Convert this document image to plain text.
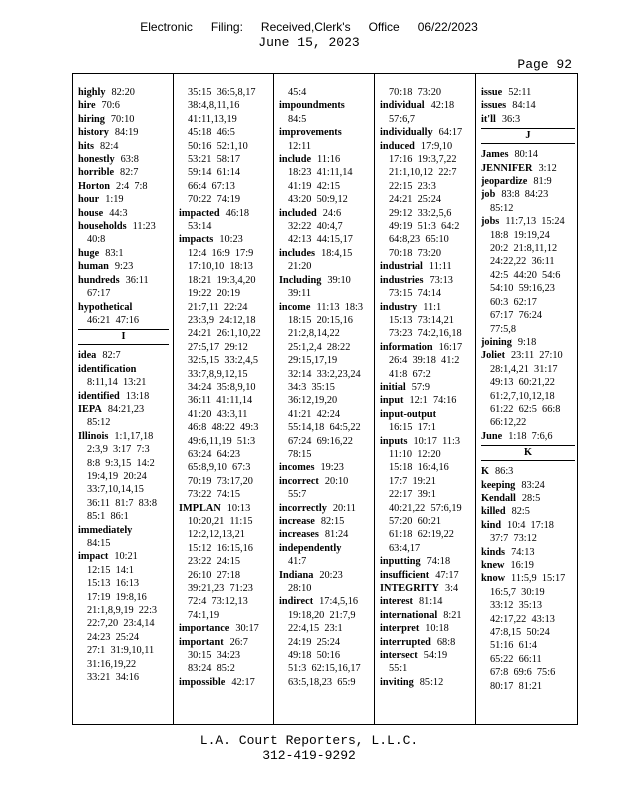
Electronic Filing: Received,Clerk's Office 06/22/2023
June 15, 2023
Page 92
highly 82:20
hire 70:6
hiring 70:10
history 84:19
hits 82:4
honestly 63:8
horrible 82:7
Horton 2:4  7:8
hour 1:19
house 44:3
households 11:23
40:8
huge 83:1
human 9:23
hundreds 36:11
67:17
hypothetical
46:21  47:16
I
idea 82:7
identification
8:11,14  13:21
identified 13:18
IEPA 84:21,23
85:12
Illinois 1:1,17,18
2:3,9  3:17  7:3
8:8  9:3,15  14:2
19:4,19  20:24
33:7,10,14,15
36:11  81:7  83:8
85:1  86:1
immediately
84:15
impact 10:21
12:15  14:1
15:13  16:13
17:19  19:8,16
21:1,8,9,19  22:3
22:7,20  23:4,14
24:23  25:24
27:1  31:9,10,11
31:16,19,22
33:21  34:16
35:15  36:5,8,17
38:4,8,11,16
41:11,13,19
45:18  46:5
50:16  52:1,10
53:21  58:17
59:14  61:14
66:4  67:13
70:22  74:19
impacted 46:18
53:14
impacts 10:23
12:4  16:9  17:9
17:10,10  18:13
18:21  19:3,4,20
19:22  20:19
21:7,11  22:24
23:3,9  24:12,18
24:21  26:1,10,22
27:5,17  29:12
32:5,15  33:2,4,5
33:7,8,9,12,15
34:24  35:8,9,10
36:11  41:11,14
41:20  43:3,11
46:8  48:22  49:3
49:6,11,19  51:3
63:24  64:23
65:8,9,10  67:3
70:19  73:17,20
73:22  74:15
IMPLAN 10:13
10:20,21  11:15
12:2,12,13,21
15:12  16:15,16
23:22  24:15
26:10  27:18
39:21,23  71:23
72:4  73:12,13
74:1,19
importance 30:17
important 26:7
30:15  34:23
83:24  85:2
impossible 42:17
45:4
impoundments
84:5
improvements
12:11
include 11:16
18:23  41:11,14
41:19  42:15
43:20  50:9,12
included 24:6
32:22  40:4,7
42:13  44:15,17
includes 18:4,15
21:20
Including 39:10
39:11
income 11:13  18:3
18:15  20:15,16
21:2,8,14,22
25:1,2,4  28:22
29:15,17,19
32:14  33:2,23,24
34:3  35:15
36:12,19,20
41:21  42:24
55:14,18  64:5,22
67:24  69:16,22
78:15
incomes 19:23
incorrect 20:10
55:7
incorrectly 20:11
increase 82:15
increases 81:24
independently
41:7
Indiana 20:23
28:10
indirect 17:4,5,16
19:18,20  21:7,9
22:4,15  23:1
24:19  25:24
49:18  50:16
51:3  62:15,16,17
63:5,18,23  65:9
70:18  73:20
individual 42:18
57:6,7
individually 64:17
induced 17:9,10
17:16  19:3,7,22
21:1,10,12  22:7
22:15  23:3
24:21  25:24
29:12  33:2,5,6
49:19  51:3  64:2
64:8,23  65:10
70:18  73:20
industrial 11:11
industries 73:13
73:15  74:14
industry 11:1
15:13  73:14,21
73:23  74:2,16,18
information 16:17
26:4  39:18  41:2
41:8  67:2
initial 57:9
input 12:1  74:16
input-output
16:15  17:1
inputs 10:17  11:3
11:10  12:20
15:18  16:4,16
17:7  19:21
22:17  39:1
40:21,22  57:6,19
57:20  60:21
61:18  62:19,22
63:4,17
inputting 74:18
insufficient 47:17
INTEGRITY 3:4
interest 81:14
international 8:21
interpret 10:18
interrupted 68:8
intersect 54:19
55:1
inviting 85:12
issue 52:11
issues 84:14
it'll 36:3
J
James 80:14
JENNIFER 3:12
jeopardize 81:9
job 83:8  84:23
85:12
jobs 11:7,13  15:24
18:8  19:19,24
20:2  21:8,11,12
24:22,22  36:11
42:5  44:20  54:6
54:10  59:16,23
60:3  62:17
67:17  76:24
77:5,8
joining 9:18
Joliet 23:11  27:10
28:1,4,21  31:17
49:13  60:21,22
61:2,7,10,12,18
61:22  62:5  66:8
66:12,22
June 1:18  7:6,6
K
K 86:3
keeping 83:24
Kendall 28:5
killed 82:5
kind 10:4  17:18
37:7  73:12
kinds 74:13
knew 16:19
know 11:5,9  15:17
16:5,7  30:19
33:12  35:13
42:17,22  43:13
47:8,15  50:24
51:16  61:4
65:22  66:11
67:8  69:6  75:6
80:17  81:21
L.A. Court Reporters, L.L.C.
312-419-9292
